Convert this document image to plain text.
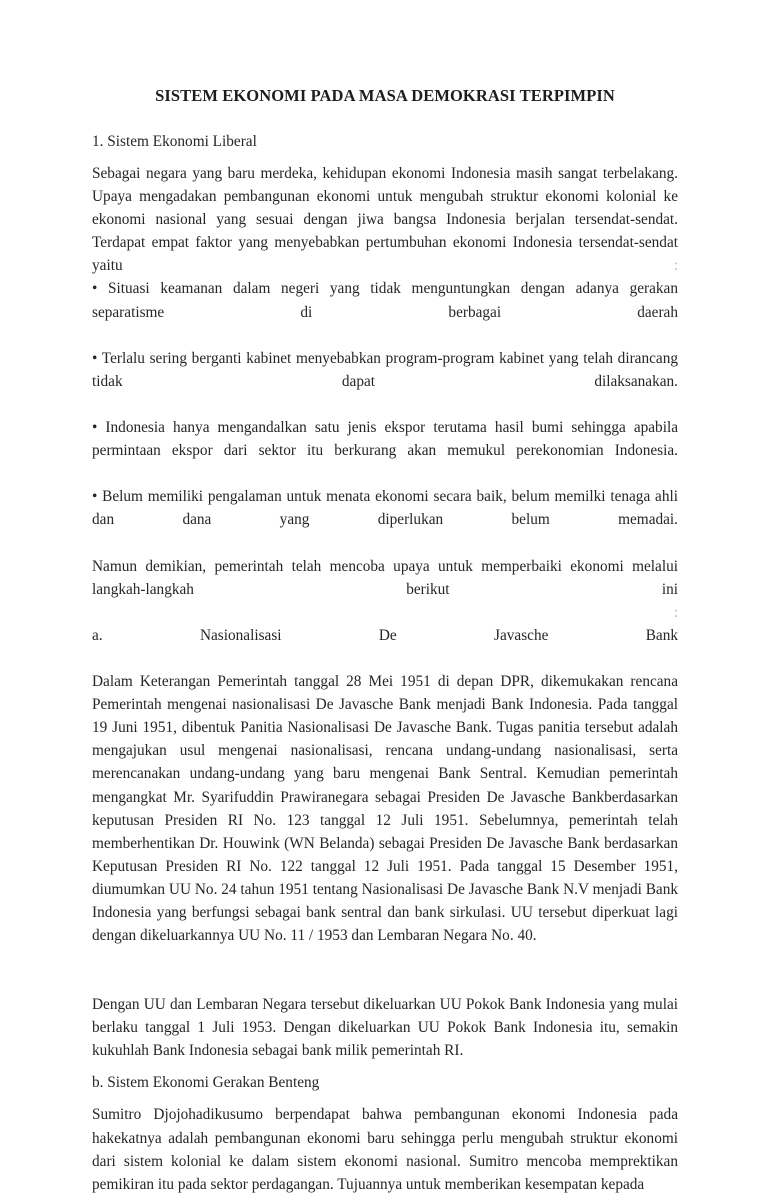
SISTEM EKONOMI PADA MASA DEMOKRASI TERPIMPIN
1. Sistem Ekonomi Liberal

Sebagai negara yang baru merdeka, kehidupan ekonomi Indonesia masih sangat terbelakang. Upaya mengadakan pembangunan ekonomi untuk mengubah struktur ekonomi kolonial ke ekonomi nasional yang sesuai dengan jiwa bangsa Indonesia berjalan tersendat-sendat. Terdapat empat faktor yang menyebabkan pertumbuhan ekonomi Indonesia tersendat-sendat yaitu	:

• Situasi keamanan dalam negeri yang tidak menguntungkan dengan adanya gerakan separatisme di berbagai daerah

• Terlalu sering berganti kabinet menyebabkan program-program kabinet yang telah dirancang tidak dapat dilaksanakan.

• Indonesia hanya mengandalkan satu jenis ekspor terutama hasil bumi sehingga apabila permintaan ekspor dari sektor itu berkurang akan memukul perekonomian Indonesia.

• Belum memiliki pengalaman untuk menata ekonomi secara baik, belum memilki tenaga ahli dan dana yang diperlukan belum memadai.

Namun demikian, pemerintah telah mencoba upaya untuk memperbaiki ekonomi melalui langkah-langkah berikut ini

:

a. Nasionalisasi De Javasche Bank

Dalam Keterangan Pemerintah tanggal 28 Mei 1951 di depan DPR, dikemukakan rencana Pemerintah mengenai nasionalisasi De Javasche Bank menjadi Bank Indonesia. Pada tanggal 19 Juni 1951, dibentuk Panitia Nasionalisasi De Javasche Bank. Tugas panitia tersebut adalah mengajukan usul mengenai nasionalisasi, rencana undang-undang nasionalisasi, serta merencanakan undang-undang yang baru mengenai Bank Sentral. Kemudian pemerintah mengangkat Mr. Syarifuddin Prawiranegara sebagai Presiden De Javasche Bankberdasarkan keputusan Presiden RI No. 123 tanggal 12 Juli 1951. Sebelumnya, pemerintah telah memberhentikan Dr. Houwink (WN Belanda) sebagai Presiden De Javasche Bank berdasarkan Keputusan Presiden RI No. 122 tanggal 12 Juli 1951. Pada tanggal 15 Desember 1951, diumumkan UU No. 24 tahun 1951 tentang Nasionalisasi De Javasche Bank N.V menjadi Bank Indonesia yang berfungsi sebagai bank sentral dan bank sirkulasi. UU tersebut diperkuat lagi dengan dikeluarkannya UU No. 11 / 1953 dan Lembaran Negara No. 40.

Dengan UU dan Lembaran Negara tersebut dikeluarkan UU Pokok Bank Indonesia yang mulai berlaku tanggal 1 Juli 1953. Dengan dikeluarkan UU Pokok Bank Indonesia itu, semakin kukuhlah Bank Indonesia sebagai bank milik pemerintah RI.

b. Sistem Ekonomi Gerakan Benteng

Sumitro Djojohadikusumo berpendapat bahwa pembangunan ekonomi Indonesia pada hakekatnya adalah pembangunan ekonomi baru sehingga perlu mengubah struktur ekonomi dari sistem kolonial ke dalam sistem ekonomi nasional. Sumitro mencoba memprektikan pemikiran itu pada sektor perdagangan. Tujuannya untuk memberikan kesempatan kepada
